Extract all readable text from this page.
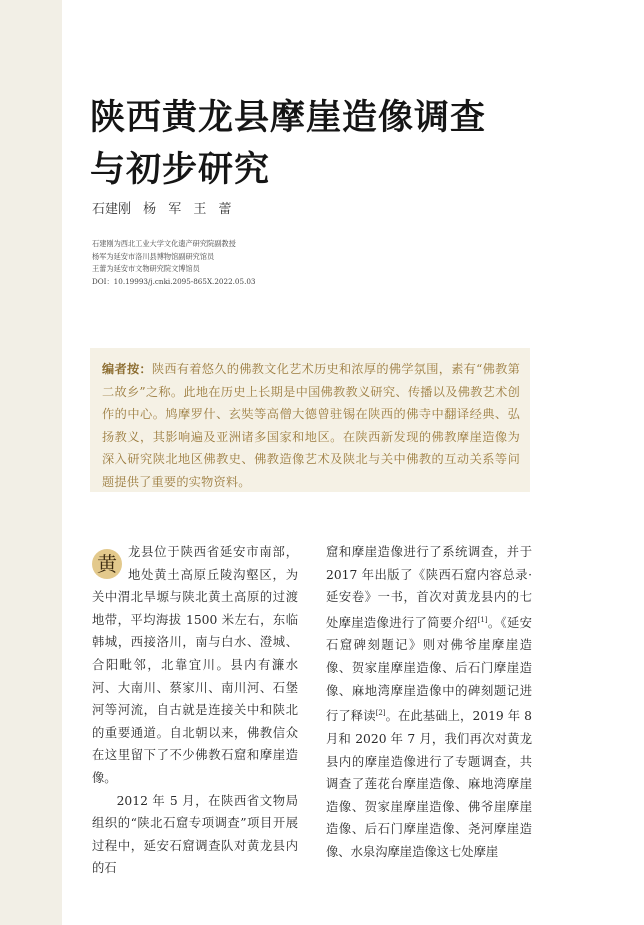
陕西黄龙县摩崖造像调查
与初步研究
石建刚 杨 军 王 蕾
石建刚为西北工业大学文化遗产研究院副教授
杨军为延安市洛川县博物馆副研究馆员
王蕾为延安市文物研究院文博馆员
DOI：10.19993/j.cnki.2095-865X.2022.05.03

编者按：陕西有着悠久的佛教文化艺术历史和浓厚的佛学氛围，素有“佛教第二故乡”之称。此地在历史上长期是中国佛教教义研究、传播以及佛教艺术创作的中心。鸠摩罗什、玄奘等高僧大德曾驻锡在陕西的佛寺中翻译经典、弘扬教义，其影响遍及亚洲诸多国家和地区。在陕西新发现的佛教摩崖造像为深入研究陕北地区佛教史、佛教造像艺术及陕北与关中佛教的互动关系等问题提供了重要的实物资料。

黄 龙县位于陕西省延安市南部，地处黄土高原丘陵沟壑区，为关中渭北旱塬与陕北黄土高原的过渡地带，平均海拔 1500 米左右，东临韩城，西接洛川，南与白水、澄城、合阳毗邻，北靠宜川。县内有濂水河、大南川、蔡家川、南川河、石堡河等河流，自古就是连接关中和陕北的重要通道。自北朝以来，佛教信众在这里留下了不少佛教石窟和摩崖造像。

2012 年 5 月，在陕西省文物局组织的“陕北石窟专项调查”项目开展过程中，延安石窟调查队对黄龙县内的石

窟和摩崖造像进行了系统调查，并于 2017 年出版了《陕西石窟内容总录·延安卷》一书，首次对黄龙县内的七处摩崖造像进行了简要介绍[1]。《延安石窟碑刻题记》则对佛爷崖摩崖造像、贺家崖摩崖造像、后石门摩崖造像、麻地湾摩崖造像中的碑刻题记进行了释读[2]。在此基础上，2019 年 8 月和 2020 年 7 月，我们再次对黄龙县内的摩崖造像进行了专题调查，共调查了莲花台摩崖造像、麻地湾摩崖造像、贺家崖摩崖造像、佛爷崖摩崖造像、后石门摩崖造像、尧河摩崖造像、水泉沟摩崖造像这七处摩崖
